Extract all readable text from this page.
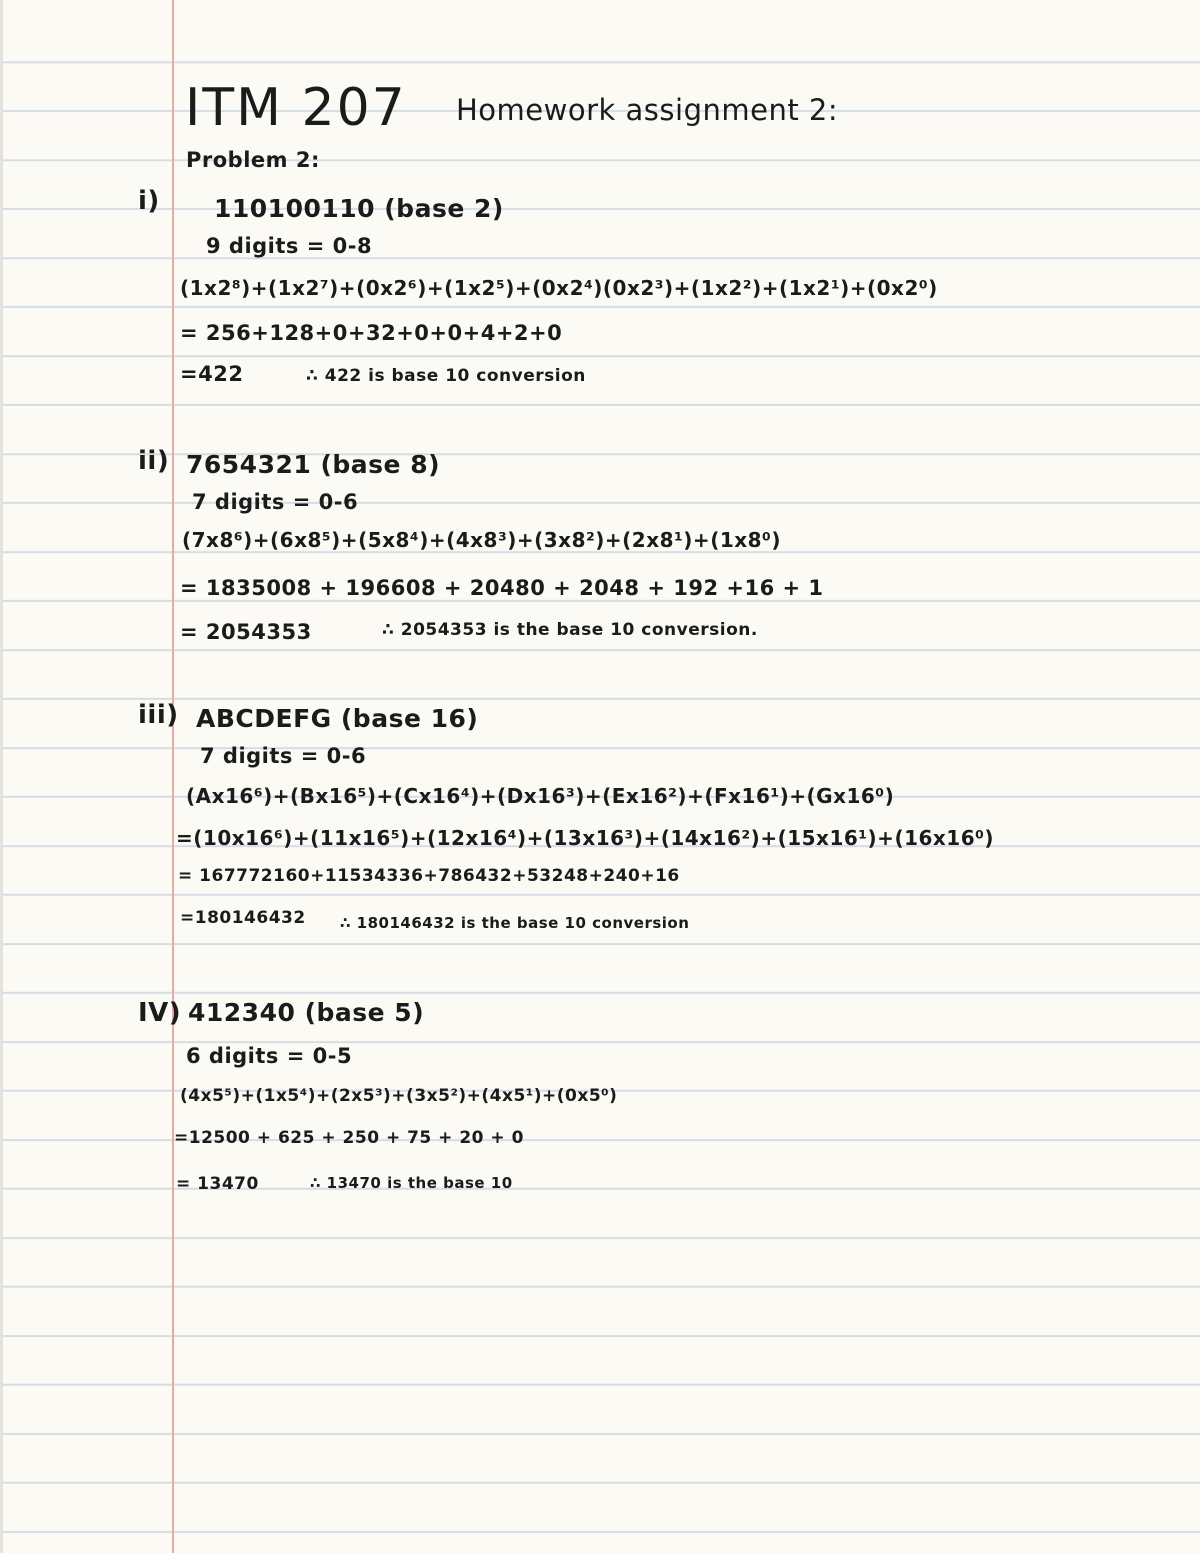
ITM 207 Homework assignment 2:
Problem 2:
i) 110100110 (base 2)
9 digits = 0-8
(1x2⁸)+(1x2⁷)+(0x2⁶)+(1x2⁵)+(0x2⁴)(0x2³)+(1x2²)+(1x2¹)+(0x2⁰)
= 256+128+0+32+0+0+4+2+0
=422	∴ 422 is base 10 conversion
ii) 7654321 (base 8)
7 digits = 0-6
(7x8⁶)+(6x8⁵)+(5x8⁴)+(4x8³)+(3x8²)+(2x8¹)+(1x8⁰)
= 1835008 + 196608 + 20480 + 2048 + 192 +16 + 1
= 2054353	∴ 2054353 is the base 10 conversion.
iii) ABCDEFG (base 16)
7 digits = 0-6
(Ax16⁶)+(Bx16⁵)+(Cx16⁴)+(Dx16³)+(Ex16²)+(Fx16¹)+(Gx16⁰)
=(10x16⁶)+(11x16⁵)+(12x16⁴)+(13x16³)+(14x16²)+(15x16¹)+(16x16⁰)
= 167772160+11534336+786432+53248+240+16
=180146432 ∴ 180146432 is the base 10 conversion
IV) 412340 (base 5)
6 digits = 0-5
(4x5⁵)+(1x5⁴)+(2x5³)+(3x5²)+(4x5¹)+(0x5⁰)
=12500 + 625 + 250 + 75 + 20 + 0
= 13470	∴ 13470 is the base 10
